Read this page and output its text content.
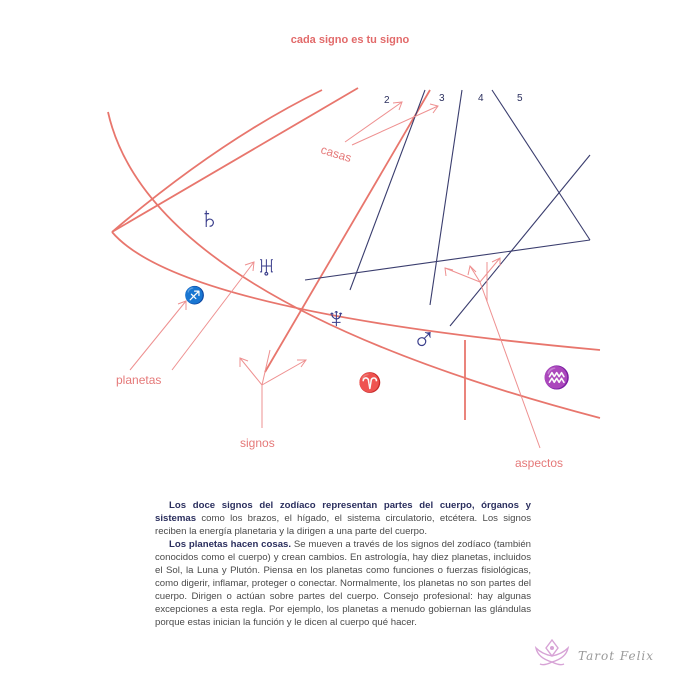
cada signo es tu signo
2	3	4	5
♄
♅
♆
♂
♐
♈	♒
casas
planetas
signos
aspectos

Los doce signos del zodíaco representan partes del cuerpo, órganos y sistemas como los brazos, el hígado, el sistema circulatorio, etcétera. Los signos reciben la energía planetaria y la dirigen a una parte del cuerpo.

Los planetas hacen cosas. Se mueven a través de los signos del zodíaco (también conocidos como el cuerpo) y crean cambios. En astrología, hay diez planetas, incluidos el Sol, la Luna y Plutón. Piensa en los planetas como funciones o fuerzas fisiológicas, como digerir, inflamar, proteger o conectar. Normalmente, los planetas no son partes del cuerpo. Dirigen o actúan sobre partes del cuerpo. Consejo profesional: hay algunas excepciones a esta regla. Por ejemplo, los planetas a menudo gobiernan las glándulas porque estas inician la función y le dicen al cuerpo qué hacer.

Tarot Felix
